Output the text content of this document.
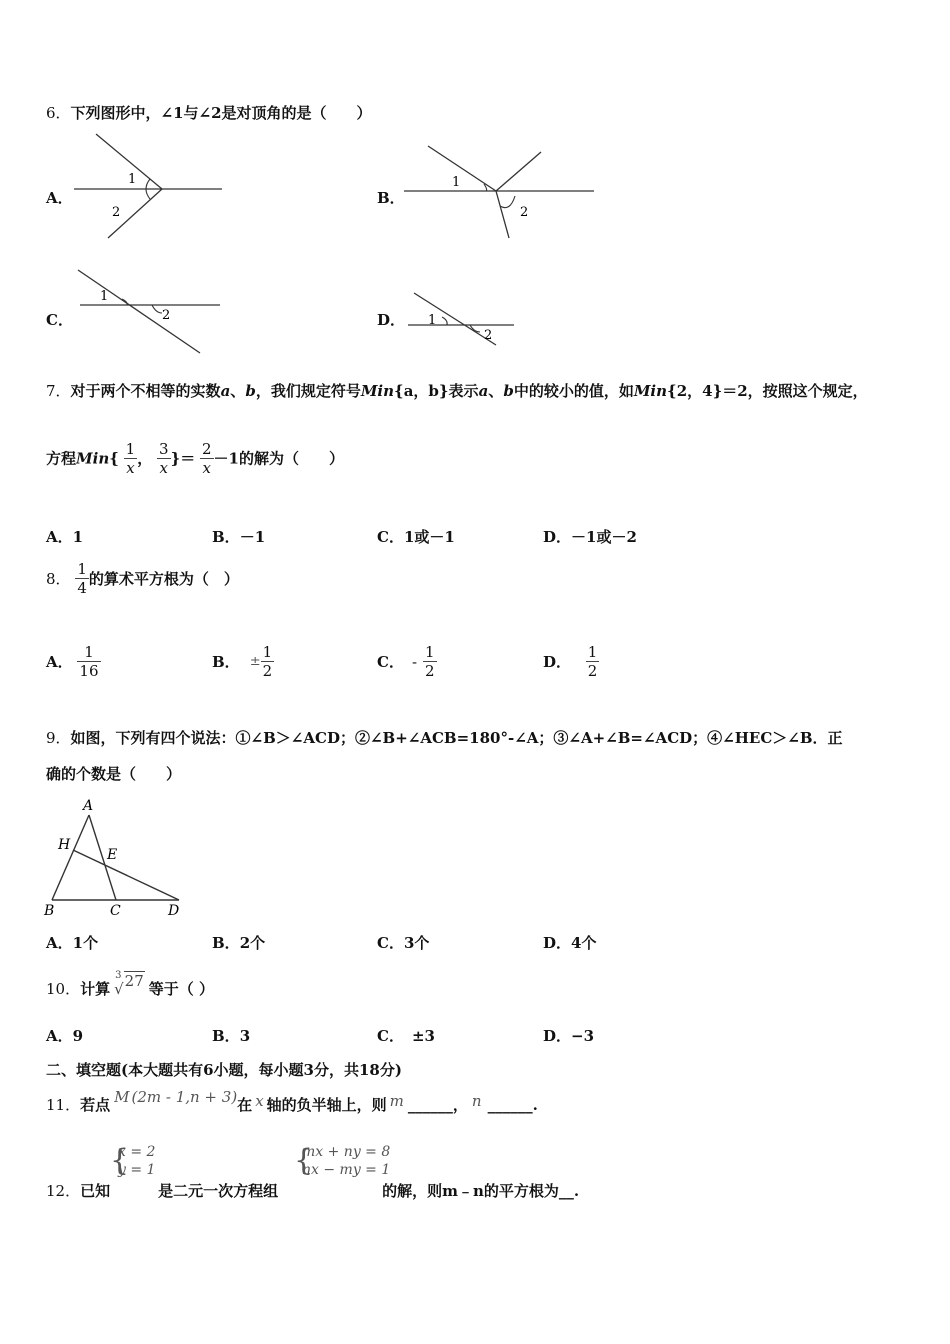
6．下列图形中，∠1与∠2是对顶角的是（　　）
A．
1
2
B．
1
2
C．
1
2	D． 1
2
7．对于两个不相等的实数a、b，我们规定符号Min{a，b}表示a、b中的较小的值，如Min{2，4}＝2，按照这个规定，
方程$Min\{ \frac{1}{x}$ ， $\frac{3}{x}$ }＝ $\frac{2}{x} -1$的解为（　　）
A．1	B．－1	C．1或－1	D．－1或－2
8． $\frac{1}{4}$ 的算术平方根为（　）
A． $\frac{1}{16}$	B． ± $\frac{1}{2}$	C． - $\frac{1}{2}$	D． $\frac{1}{2}$
9．如图，下列有四个说法：①∠B＞∠ACD；②∠B+∠ACB=180°-∠A；③∠A+∠B=∠ACD；④∠HEC＞∠B．正
确的个数是（　　）
A
H
E
B	C	D
A．1个	B．2个	C．3个	D．4个
10．计算
3
√27 等于（ ）
A．9	B．3	C． ±3	D．−3
二、填空题(本大题共有6小题，每小题3分，共18分)
11．若点 M (2m - 1,n + 3)在 x 轴的负半轴上，则 m ______， n ______.
{
x = 2
y = 1	{
mx + ny = 8
nx − my = 1
12．已知	是二元一次方程组	的解，则m﹣n的平方根为__.
